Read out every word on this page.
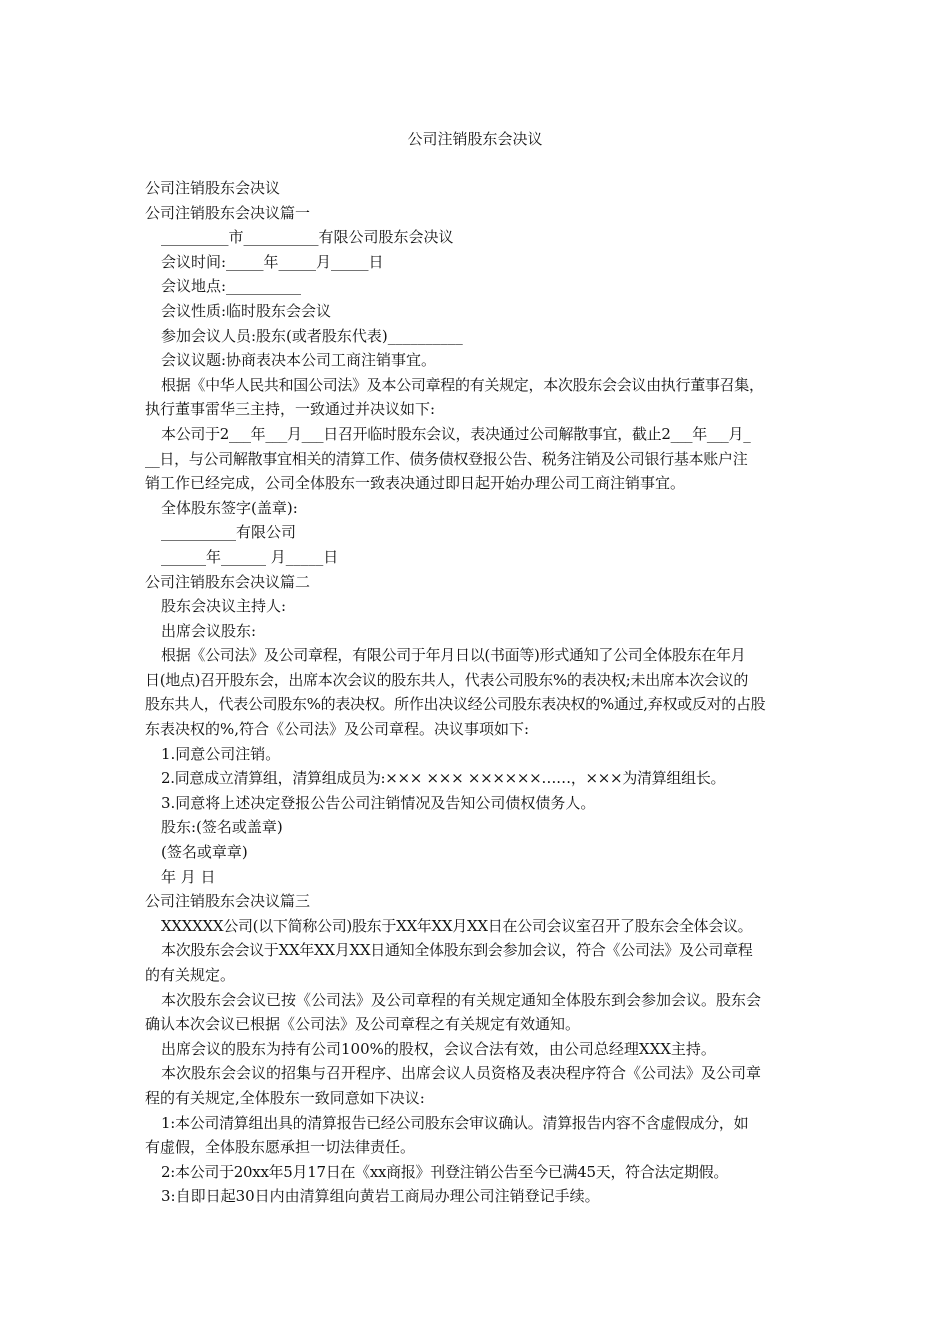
公司注销股东会决议
公司注销股东会决议
公司注销股东会决议篇一
_________市__________有限公司股东会决议
会议时间:_____年_____月_____日
会议地点:__________
会议性质:临时股东会会议
参加会议人员:股东(或者股东代表)__________
会议议题:协商表决本公司工商注销事宜。
根据《中华人民共和国公司法》及本公司章程的有关规定，本次股东会会议由执行董事召集，
执行董事雷华三主持，一致通过并决议如下:
本公司于2___年___月___日召开临时股东会议，表决通过公司解散事宜，截止2___年___月_
__日，与公司解散事宜相关的清算工作、债务债权登报公告、税务注销及公司银行基本账户注
销工作已经完成，公司全体股东一致表决通过即日起开始办理公司工商注销事宜。
全体股东签字(盖章):
__________有限公司
______年______ 月_____日
公司注销股东会决议篇二
股东会决议主持人:
出席会议股东:
根据《公司法》及公司章程，有限公司于年月日以(书面等)形式通知了公司全体股东在年月
日(地点)召开股东会，出席本次会议的股东共人，代表公司股东%的表决权;未出席本次会议的
股东共人，代表公司股东%的表决权。所作出决议经公司股东表决权的%通过,弃权或反对的占股
东表决权的%,符合《公司法》及公司章程。决议事项如下:
1.同意公司注销。
2.同意成立清算组，清算组成员为:××× ××× ××××××……，×××为清算组组长。
3.同意将上述决定登报公告公司注销情况及告知公司债权债务人。
股东:(签名或盖章)
(签名或章章)
年 月 日
公司注销股东会决议篇三
XXXXXX公司(以下简称公司)股东于XX年XX月XX日在公司会议室召开了股东会全体会议。
本次股东会会议于XX年XX月XX日通知全体股东到会参加会议，符合《公司法》及公司章程
的有关规定。
本次股东会会议已按《公司法》及公司章程的有关规定通知全体股东到会参加会议。股东会
确认本次会议已根据《公司法》及公司章程之有关规定有效通知。
出席会议的股东为持有公司100%的股权，会议合法有效，由公司总经理XXX主持。
本次股东会会议的招集与召开程序、出席会议人员资格及表决程序符合《公司法》及公司章
程的有关规定,全体股东一致同意如下决议:
1:本公司清算组出具的清算报告已经公司股东会审议确认。清算报告内容不含虚假成分，如
有虚假，全体股东愿承担一切法律责任。
2:本公司于20xx年5月17日在《xx商报》刊登注销公告至今已满45天，符合法定期假。
3:自即日起30日内由清算组向黄岩工商局办理公司注销登记手续。
